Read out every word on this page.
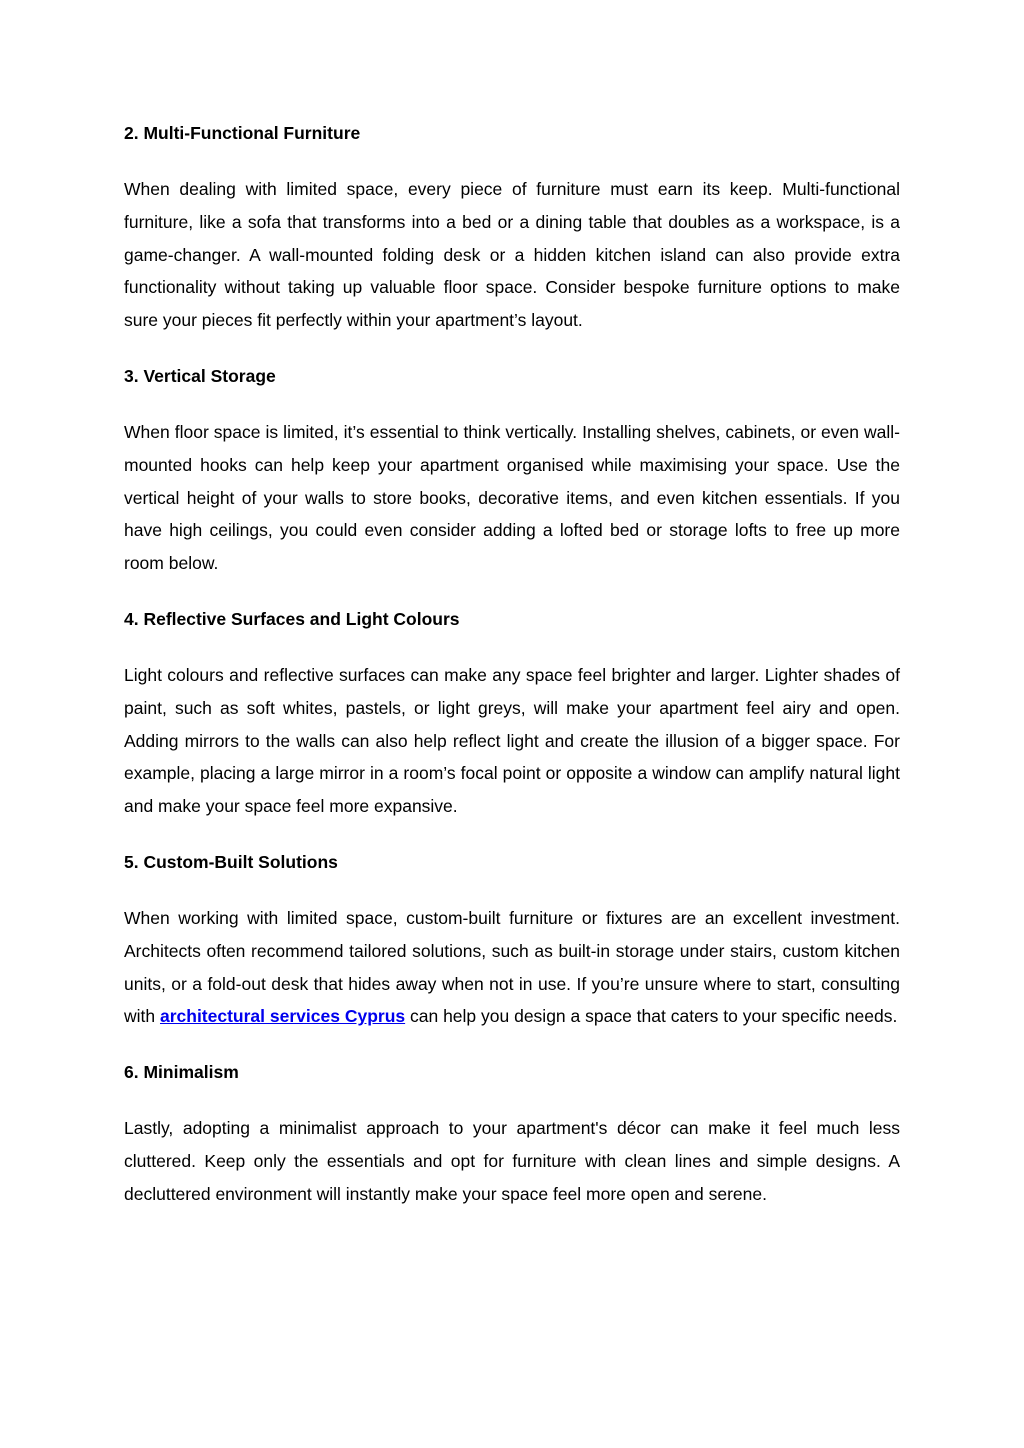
2. Multi-Functional Furniture

When dealing with limited space, every piece of furniture must earn its keep. Multi-functional furniture, like a sofa that transforms into a bed or a dining table that doubles as a workspace, is a game-changer. A wall-mounted folding desk or a hidden kitchen island can also provide extra functionality without taking up valuable floor space. Consider bespoke furniture options to make sure your pieces fit perfectly within your apartment’s layout.

3. Vertical Storage

When floor space is limited, it’s essential to think vertically. Installing shelves, cabinets, or even wall-mounted hooks can help keep your apartment organised while maximising your space. Use the vertical height of your walls to store books, decorative items, and even kitchen essentials. If you have high ceilings, you could even consider adding a lofted bed or storage lofts to free up more room below.

4. Reflective Surfaces and Light Colours

Light colours and reflective surfaces can make any space feel brighter and larger. Lighter shades of paint, such as soft whites, pastels, or light greys, will make your apartment feel airy and open. Adding mirrors to the walls can also help reflect light and create the illusion of a bigger space. For example, placing a large mirror in a room’s focal point or opposite a window can amplify natural light and make your space feel more expansive.

5. Custom-Built Solutions

When working with limited space, custom-built furniture or fixtures are an excellent investment. Architects often recommend tailored solutions, such as built-in storage under stairs, custom kitchen units, or a fold-out desk that hides away when not in use. If you’re unsure where to start, consulting with architectural services Cyprus can help you design a space that caters to your specific needs.

6. Minimalism

Lastly, adopting a minimalist approach to your apartment's décor can make it feel much less cluttered. Keep only the essentials and opt for furniture with clean lines and simple designs. A decluttered environment will instantly make your space feel more open and serene.
